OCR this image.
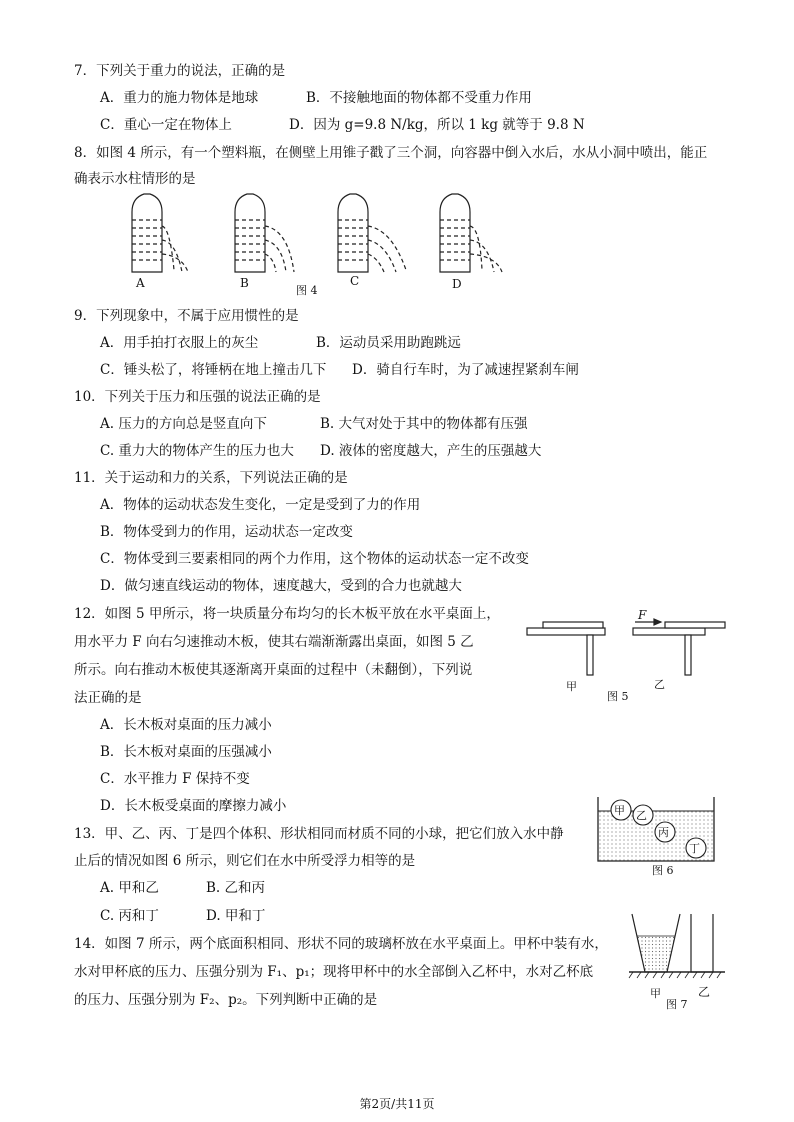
7．下列关于重力的说法，正确的是
A．重力的施力物体是地球	B．不接触地面的物体都不受重力作用
C．重心一定在物体上	D．因为 g=9.8 N/kg，所以 1 kg 就等于 9.8 N
8．如图 4 所示，有一个塑料瓶，在侧壁上用锥子戳了三个洞，向容器中倒入水后，水从小洞中喷出，能正
确表示水柱情形的是
A	B	C	D
图 4
9．下列现象中，不属于应用惯性的是
A．用手拍打衣服上的灰尘	B．运动员采用助跑跳远
C．锤头松了，将锤柄在地上撞击几下 D．骑自行车时，为了减速捏紧刹车闸
10．下列关于压力和压强的说法正确的是
A. 压力的方向总是竖直向下	B. 大气对处于其中的物体都有压强
C. 重力大的物体产生的压力也大 D. 液体的密度越大，产生的压强越大
11．关于运动和力的关系，下列说法正确的是
A．物体的运动状态发生变化，一定是受到了力的作用
B．物体受到力的作用，运动状态一定改变
C．物体受到三要素相同的两个力作用，这个物体的运动状态一定不改变
D．做匀速直线运动的物体，速度越大，受到的合力也就越大
12．如图 5 甲所示，将一块质量分布均匀的长木板平放在水平桌面上，
用水平力 F 向右匀速推动木板，使其右端渐渐露出桌面，如图 5 乙
所示。向右推动木板使其逐渐离开桌面的过程中（未翻倒），下列说
法正确的是
A．长木板对桌面的压力减小
B．长木板对桌面的压强减小
C．水平推力 F 保持不变
D．长木板受桌面的摩擦力减小
F
甲	乙
图 5
13．甲、乙、丙、丁是四个体积、形状相同而材质不同的小球，把它们放入水中静
止后的情况如图 6 所示，则它们在水中所受浮力相等的是
A. 甲和乙	B. 乙和丙
C. 丙和丁	D. 甲和丁
甲 乙
丙
丁
图 6
14．如图 7 所示，两个底面积相同、形状不同的玻璃杯放在水平桌面上。甲杯中装有水，
水对甲杯底的压力、压强分别为 F₁、p₁；现将甲杯中的水全部倒入乙杯中，水对乙杯底
的压力、压强分别为 F₂、p₂。下列判断中正确的是	甲	乙
图 7
第2页/共11页
